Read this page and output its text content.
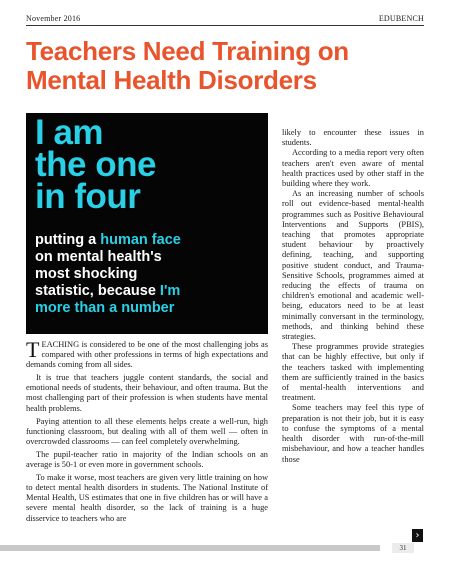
November 2016	EDUBENCH
Teachers Need Training on Mental Health Disorders
I am
the one
in four
putting a human face
on mental health's
most shocking
statistic, because I'm
more than a number

TEACHING is considered to be one of the most challenging jobs as compared with other professions in terms of high expectations and demands coming from all sides.

It is true that teachers juggle content standards, the social and emotional needs of students, their behaviour, and often trauma. But the most challenging part of their profession is when students have mental health problems.

Paying attention to all these elements helps create a well-run, high functioning classroom, but dealing with all of them well — often in overcrowded classrooms — can feel completely overwhelming.

The pupil-teacher ratio in majority of the Indian schools on an average is 50-1 or even more in government schools.

To make it worse, most teachers are given very little training on how to detect mental health disorders in students. The National Institute of Mental Health, US estimates that one in five children has or will have a severe mental health disorder, so the lack of training is a huge disservice to teachers who are

likely to encounter these issues in students.

According to a media report very often teachers aren't even aware of mental health practices used by other staff in the building where they work.

As an increasing number of schools roll out evidence-based mental-health programmes such as Positive Behavioural Interventions and Supports (PBIS), teaching that promotes appropriate student behaviour by proactively defining, teaching, and supporting positive student conduct, and Trauma-Sensitive Schools, programmes aimed at reducing the effects of trauma on children's emotional and academic well-being, educators need to be at least minimally conversant in the terminology, methods, and thinking behind these strategies.

These programmes provide strategies that can be highly effective, but only if the teachers tasked with implementing them are sufficiently trained in the basics of mental-health interventions and treatment.

Some teachers may feel this type of preparation is not their job, but it is easy to confuse the symptoms of a mental health disorder with run-of-the-mill misbehaviour, and how a teacher handles those

›
31
